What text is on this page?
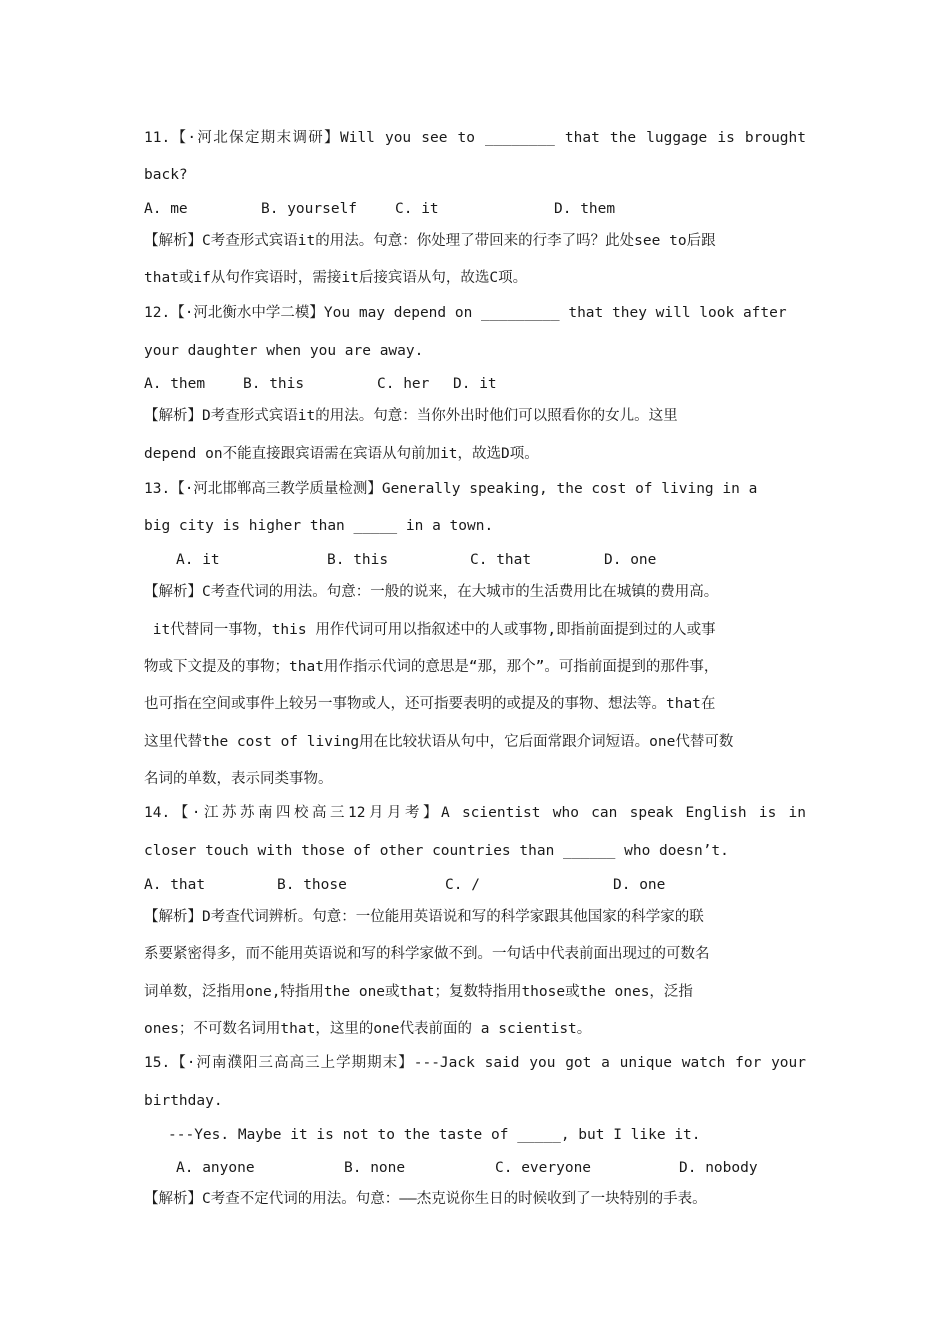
11.【·河北保定期末调研】Will you see to ________ that the luggage is brought
back?
A. me	B. yourself	C. it	D. them
【解析】C考查形式宾语it的用法。句意：你处理了带回来的行李了吗？此处see to后跟
that或if从句作宾语时，需接it后接宾语从句，故选C项。
12.【·河北衡水中学二模】You may depend on _________ that they will look after
your daughter when you are away.
A. them	B. this	C. her	D. it
【解析】D考查形式宾语it的用法。句意：当你外出时他们可以照看你的女儿。这里
depend on不能直接跟宾语需在宾语从句前加it，故选D项。
13.【·河北邯郸高三教学质量检测】Generally speaking, the cost of living in a
big city is higher than _____ in a town.
A. it	B. this	C. that	D. one
【解析】C考查代词的用法。句意：一般的说来，在大城市的生活费用比在城镇的费用高。
it代替同一事物，this 用作代词可用以指叙述中的人或事物,即指前面提到过的人或事
物或下文提及的事物；that用作指示代词的意思是“那，那个”。可指前面提到的那件事，
也可指在空间或事件上较另一事物或人，还可指要表明的或提及的事物、想法等。that在
这里代替the cost of living用在比较状语从句中，它后面常跟介词短语。one代替可数
名词的单数，表示同类事物。
14.【·江苏苏南四校高三12月月考】A scientist who can speak English is in
closer touch with those of other countries than ______ who doesn’t.
A. that	B. those	C. /	D. one
【解析】D考查代词辨析。句意：一位能用英语说和写的科学家跟其他国家的科学家的联
系要紧密得多，而不能用英语说和写的科学家做不到。一句话中代表前面出现过的可数名
词单数，泛指用one,特指用the one或that；复数特指用those或the ones，泛指
ones；不可数名词用that，这里的one代表前面的 a scientist。
15.【·河南濮阳三高高三上学期期末】---Jack said you got a unique watch for your
birthday.
---Yes. Maybe it is not to the taste of _____, but I like it.
A. anyone	B. none	C. everyone	D. nobody
【解析】C考查不定代词的用法。句意：——杰克说你生日的时候收到了一块特别的手表。
